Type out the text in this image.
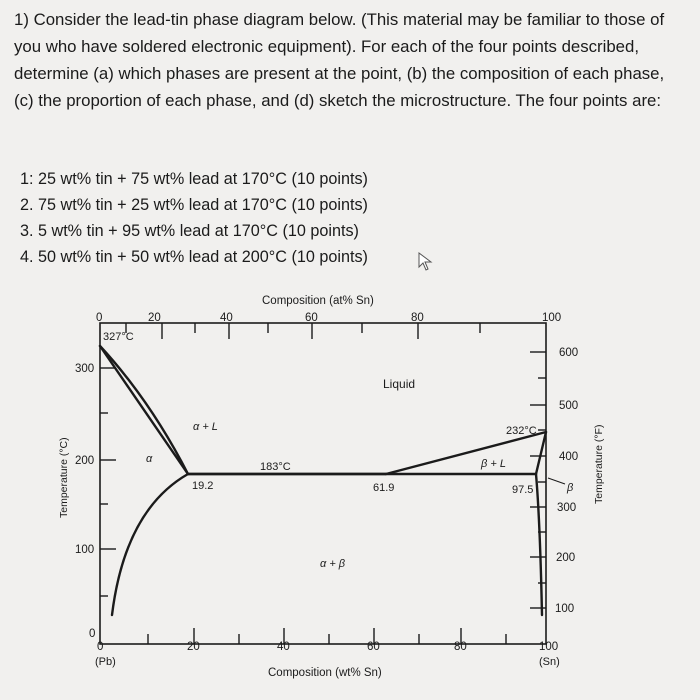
1) Consider the lead-tin phase diagram below. (This material may be familiar to those of you who have soldered electronic equipment). For each of the four points described, determine (a) which phases are present at the point, (b) the composition of each phase, (c) the proportion of each phase, and (d) sketch the microstructure. The four points are:

1: 25 wt% tin + 75 wt% lead at 170°C (10 points)
2. 75 wt% tin + 25 wt% lead at 170°C (10 points)
3. 5 wt% tin + 95 wt% lead at 170°C (10 points)
4. 50 wt% tin + 50 wt% lead at 200°C (10 points)
327°C
232°C
183°C
19.2	61.9	97.5
Liquid
α + L
β + L
α
β
α + β
Composition (at% Sn)
Composition (wt% Sn)
Temperature (°C)	Temperature (°F)
0	20	40	60	80	100
0	20	40	60	80	100
(Pb)	(Sn)
0
100
200
300
100
200
300
400
500
600
